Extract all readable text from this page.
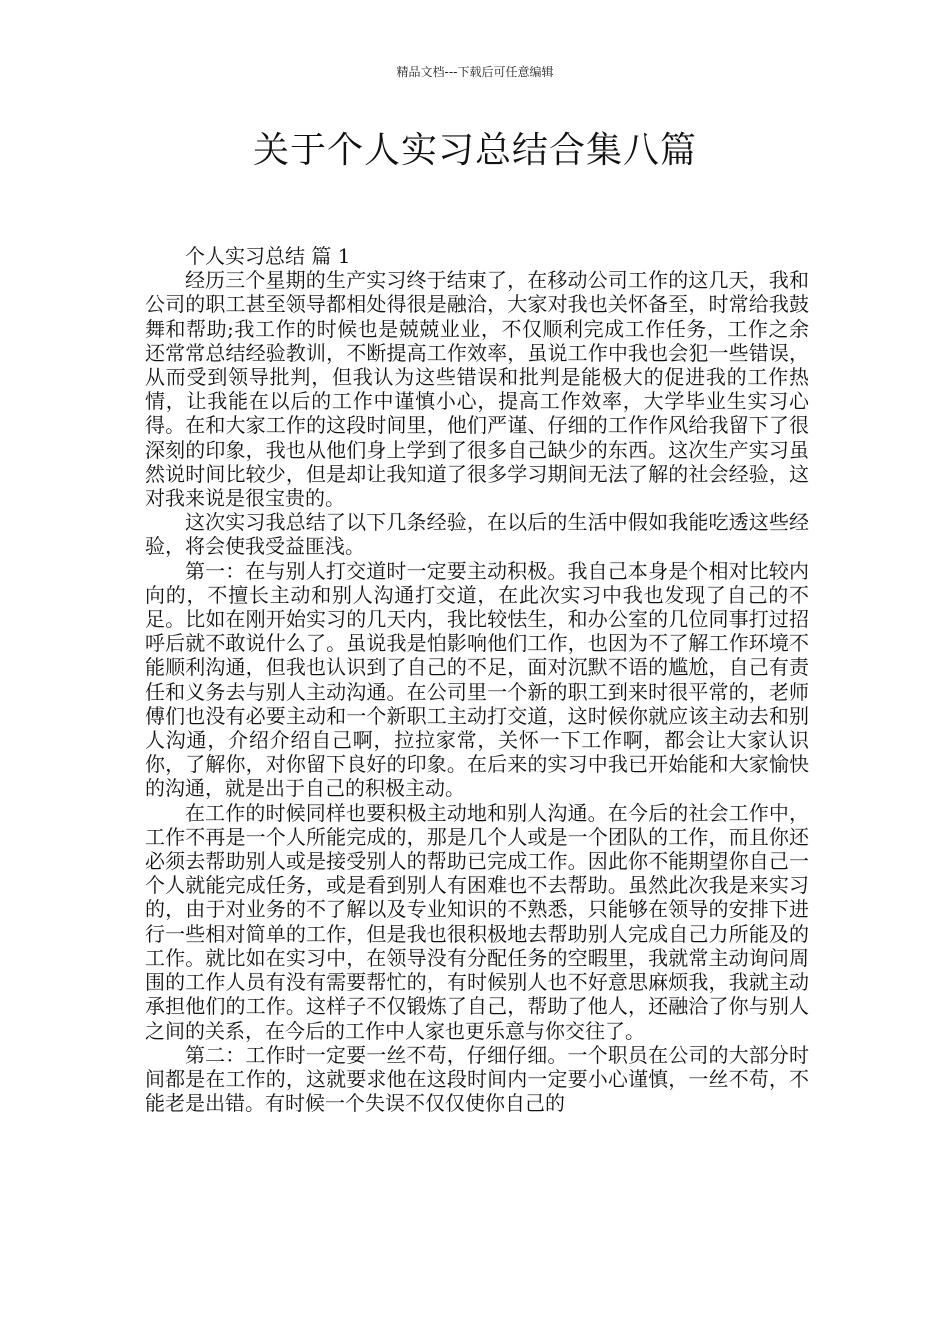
精品文档---下载后可任意编辑
关于个人实习总结合集八篇

个人实习总结 篇 1

经历三个星期的生产实习终于结束了，在移动公司工作的这几天，我和公司的职工甚至领导都相处得很是融洽，大家对我也关怀备至，时常给我鼓舞和帮助;我工作的时候也是兢兢业业，不仅顺利完成工作任务，工作之余还常常总结经验教训，不断提高工作效率，虽说工作中我也会犯一些错误，从而受到领导批判，但我认为这些错误和批判是能极大的促进我的工作热情，让我能在以后的工作中谨慎小心，提高工作效率，大学毕业生实习心得。在和大家工作的这段时间里，他们严谨、仔细的工作作风给我留下了很深刻的印象，我也从他们身上学到了很多自己缺少的东西。这次生产实习虽然说时间比较少，但是却让我知道了很多学习期间无法了解的社会经验，这对我来说是很宝贵的。

这次实习我总结了以下几条经验，在以后的生活中假如我能吃透这些经验，将会使我受益匪浅。

第一：在与别人打交道时一定要主动积极。我自己本身是个相对比较内向的，不擅长主动和别人沟通打交道，在此次实习中我也发现了自己的不足。比如在刚开始实习的几天内，我比较怯生，和办公室的几位同事打过招呼后就不敢说什么了。虽说我是怕影响他们工作，也因为不了解工作环境不能顺利沟通，但我也认识到了自己的不足，面对沉默不语的尴尬，自己有责任和义务去与别人主动沟通。在公司里一个新的职工到来时很平常的，老师傅们也没有必要主动和一个新职工主动打交道，这时候你就应该主动去和别人沟通，介绍介绍自己啊，拉拉家常，关怀一下工作啊，都会让大家认识你，了解你，对你留下良好的印象。在后来的实习中我已开始能和大家愉快的沟通，就是出于自己的积极主动。

在工作的时候同样也要积极主动地和别人沟通。在今后的社会工作中，工作不再是一个人所能完成的，那是几个人或是一个团队的工作，而且你还必须去帮助别人或是接受别人的帮助已完成工作。因此你不能期望你自己一个人就能完成任务，或是看到别人有困难也不去帮助。虽然此次我是来实习的，由于对业务的不了解以及专业知识的不熟悉，只能够在领导的安排下进行一些相对简单的工作，但是我也很积极地去帮助别人完成自己力所能及的工作。就比如在实习中，在领导没有分配任务的空暇里，我就常主动询问周围的工作人员有没有需要帮忙的，有时候别人也不好意思麻烦我，我就主动承担他们的工作。这样子不仅锻炼了自己，帮助了他人，还融洽了你与别人之间的关系，在今后的工作中人家也更乐意与你交往了。

第二：工作时一定要一丝不苟，仔细仔细。一个职员在公司的大部分时间都是在工作的，这就要求他在这段时间内一定要小心谨慎，一丝不苟，不能老是出错。有时候一个失误不仅仅使你自己的
